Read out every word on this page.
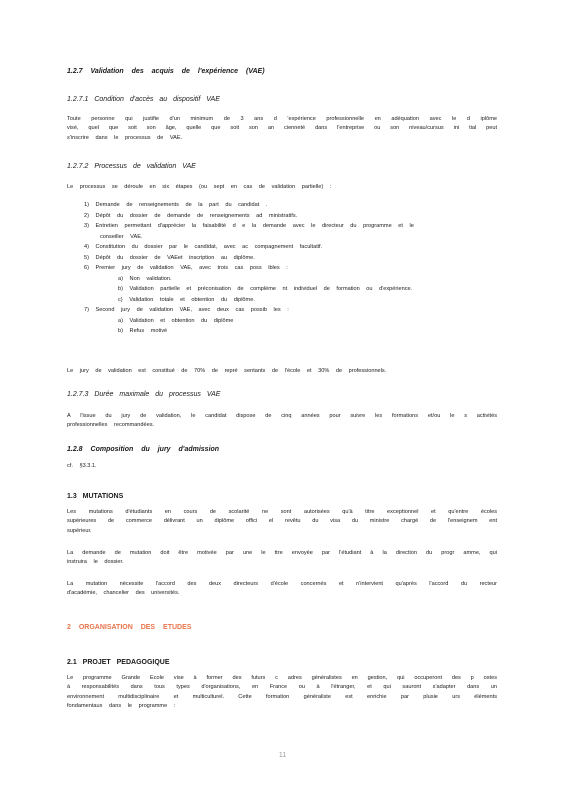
1.2.7 Validation des acquis de l'expérience (VAE)
1.2.7.1 Condition d'accès au dispositif VAE
Toute personne qui justifie d'un minimum de 3 ans d 'expérience professionnelle en adéquation avec le d iplôme
visé, quel que soit son âge, quelle que soit son an cienneté dans l'entreprise ou son niveau/cursus ini tial peut
s'inscrire dans le processus de VAE.
1.2.7.2 Processus de validation VAE
Le processus se déroule en six étapes (ou sept en cas de validation partielle) :
1) Demande de renseignements de la part du candidat .
2) Dépôt du dossier de demande de renseignements ad ministratifs.
3) Entretien permettant d'apprécier la faisabilité d e la demande avec le directeur du programme et le
conseiller VAE.
4) Constitution du dossier par le candidat, avec ac compagnement facultatif.
5) Dépôt du dossier de VAEet inscription au diplôme.
6) Premier jury de validation VAE, avec trois cas poss ibles :
a) Non validation.
b) Validation partielle et préconisation de compléme nt individuel de formation ou d'expérience.
c) Validation totale et obtention du diplôme.
7) Second jury de validation VAE, avec deux cas possib les :
a) Validation et obtention du diplôme
b) Refus motivé
Le jury de validation est constitué de 70% de repré sentants de l'école et 30% de professionnels.
1.2.7.3 Durée maximale du processus VAE
A l'issue du jury de validation, le candidat dispose de cinq années pour suivre les formations et/ou le s activités
professionnelles recommandées.
1.2.8 Composition du jury d'admission
cf. §3.3.1.
1.3 MUTATIONS
Les mutations d'étudiants en cours de scolarité ne sont autorisées qu'à titre exceptionnel et qu'entre écoles
supérieures de commerce délivrant un diplôme offici el revêtu du visa du ministre chargé de l'enseignem ent
supérieur.
La demande de mutation doit être motivée par une le ttre envoyée par l'étudiant à la direction du progr amme, qui
instruira le dossier.
La mutation nécessite l'accord des deux directeurs d'école concernés et n'intervient qu'après l'accord du recteur
d'académie, chancelier des universités.
2 ORGANISATION DES ETUDES
2.1 PROJET PEDAGOGIQUE
Le programme Grande Ecole vise à former des futurs c adres généralistes en gestion, qui occuperont des p ostes
à responsabilités dans tous types d'organisations, en France ou à l'étranger, et qui sauront s'adapter dans un
environnement multidisciplinaire et multiculturel. Cette formation généraliste est enrichie par plusie urs éléments
fondamentaux dans le programme :
11
